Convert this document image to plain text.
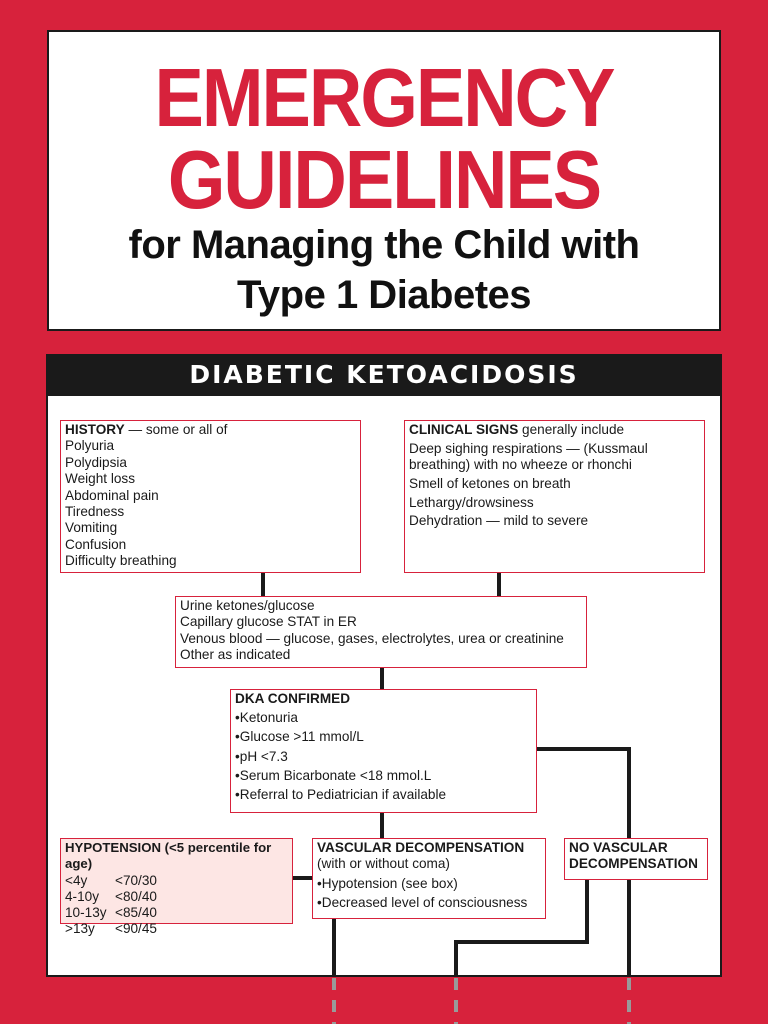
EMERGENCY
GUIDELINES
for Managing the Child with
Type 1 Diabetes
DIABETIC KETOACIDOSIS
HISTORY — some or all of
Polyuria
Polydipsia
Weight loss
Abdominal pain
Tiredness
Vomiting
Confusion
Difficulty breathing
CLINICAL SIGNS generally include
Deep sighing respirations — (Kussmaul breathing) with no wheeze or rhonchi
Smell of ketones on breath
Lethargy/drowsiness
Dehydration — mild to severe
Urine ketones/glucose
Capillary glucose STAT in ER
Venous blood — glucose, gases, electrolytes, urea or creatinine
Other as indicated
DKA CONFIRMED
•Ketonuria
•Glucose >11 mmol/L
•pH <7.3
•Serum Bicarbonate <18 mmol.L
•Referral to Pediatrician if available
HYPOTENSION (<5 percentile for age)
<4y	<70/30
4-10y	<80/40
10-13y	<85/40
>13y	<90/45
VASCULAR DECOMPENSATION
(with or without coma)
•Hypotension (see box)
•Decreased level of consciousness
NO VASCULAR
DECOMPENSATION
